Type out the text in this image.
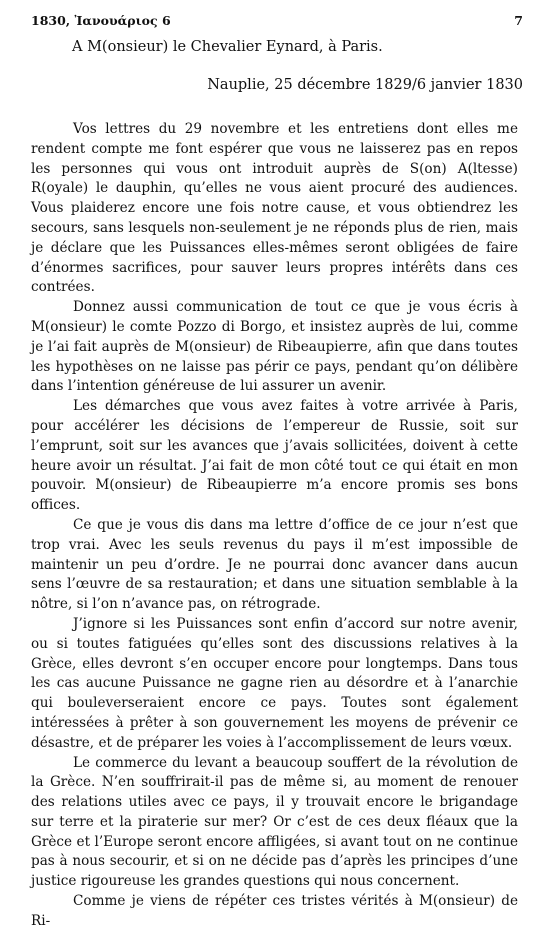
1830, Ἰανουάριος 6	7
A M(onsieur) le Chevalier Eynard, à Paris.
Nauplie, 25 décembre 1829/6 janvier 1830

Vos lettres du 29 novembre et les entretiens dont elles me rendent compte me font espérer que vous ne laisserez pas en repos les personnes qui vous ont introduit auprès de S(on) A(ltesse) R(oyale) le dauphin, qu’elles ne vous aient procuré des audiences. Vous plaiderez encore une fois notre cause, et vous obtiendrez les secours, sans lesquels non-seulement je ne réponds plus de rien, mais je déclare que les Puissances elles-mêmes seront obligées de faire d’énormes sacrifices, pour sauver leurs propres intérêts dans ces contrées.

Donnez aussi communication de tout ce que je vous écris à M(onsieur) le comte Pozzo di Borgo, et insistez auprès de lui, comme je l’ai fait auprès de M(onsieur) de Ribeaupierre, afin que dans toutes les hypothèses on ne laisse pas périr ce pays, pendant qu’on délibère dans l’intention généreuse de lui assurer un avenir.

Les démarches que vous avez faites à votre arrivée à Paris, pour accélérer les décisions de l’empereur de Russie, soit sur l’emprunt, soit sur les avances que j’avais sollicitées, doivent à cette heure avoir un résultat. J’ai fait de mon côté tout ce qui était en mon pouvoir. M(onsieur) de Ribeaupierre m’a encore promis ses bons offices.

Ce que je vous dis dans ma lettre d’office de ce jour n’est que trop vrai. Avec les seuls revenus du pays il m’est impossible de maintenir un peu d’ordre. Je ne pourrai donc avancer dans aucun sens l’œuvre de sa restauration; et dans une situation semblable à la nôtre, si l’on n’avance pas, on rétrograde.

J’ignore si les Puissances sont enfin d’accord sur notre avenir, ou si toutes fatiguées qu’elles sont des discussions relatives à la Grèce, elles devront s’en occuper encore pour longtemps. Dans tous les cas aucune Puissance ne gagne rien au désordre et à l’anarchie qui bouleverseraient encore ce pays. Toutes sont également intéressées à prêter à son gouvernement les moyens de prévenir ce désastre, et de préparer les voies à l’accomplissement de leurs vœux.

Le commerce du levant a beaucoup souffert de la révolution de la Grèce. N’en souffrirait-il pas de même si, au moment de renouer des relations utiles avec ce pays, il y trouvait encore le brigandage sur terre et la piraterie sur mer? Or c’est de ces deux fléaux que la Grèce et l’Europe seront encore affligées, si avant tout on ne continue pas à nous secourir, et si on ne décide pas d’après les principes d’une justice rigoureuse les grandes questions qui nous concernent.

Comme je viens de répéter ces tristes vérités à M(onsieur) de Ri-
